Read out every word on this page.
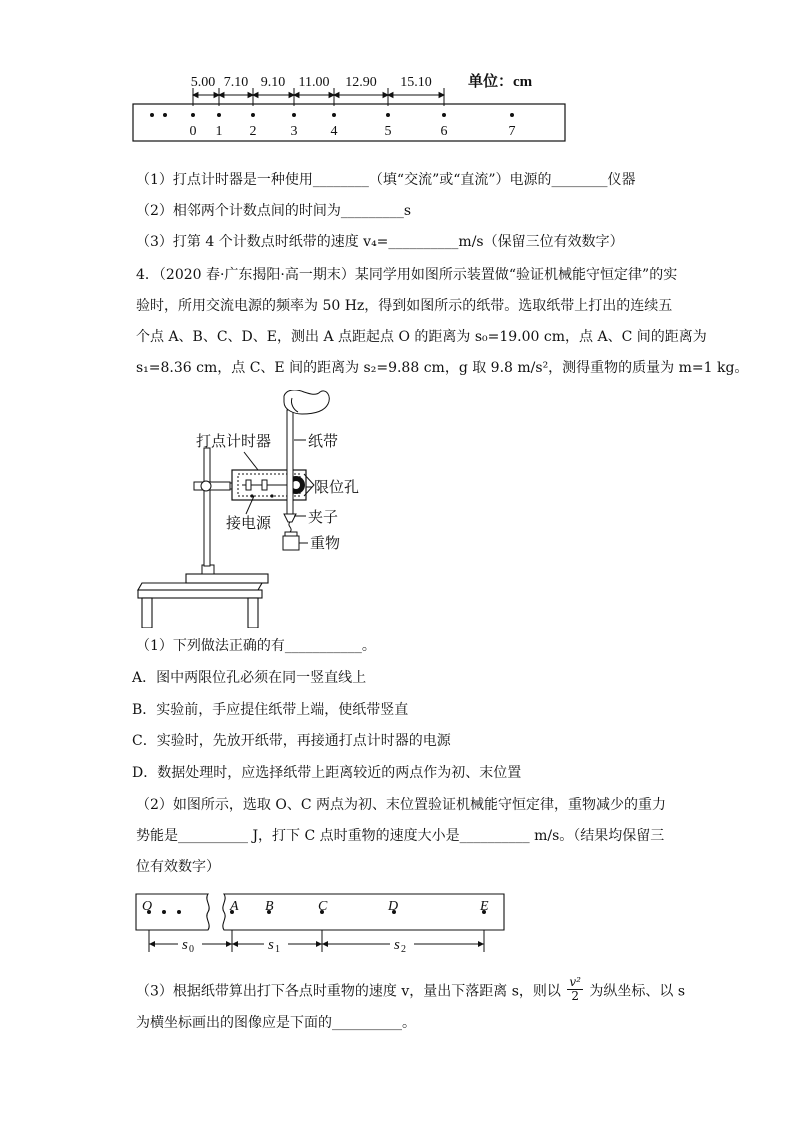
5.00 7.10 9.10 11.00 12.90 15.10 单位：cm
0 1 2 3 4	5	6	7
（1）打点计时器是一种使用________（填“交流”或“直流”）电源的________仪器
（2）相邻两个计数点间的时间为_________s
（3）打第 4 个计数点时纸带的速度 v₄=__________m/s（保留三位有效数字）
4．（2020 春·广东揭阳·高一期末）某同学用如图所示装置做“验证机械能守恒定律”的实
验时，所用交流电源的频率为 50 Hz，得到如图所示的纸带。选取纸带上打出的连续五
个点 A、B、C、D、E，测出 A 点距起点 O 的距离为 s₀=19.00 cm，点 A、C 间的距离为
s₁=8.36 cm，点 C、E 间的距离为 s₂=9.88 cm，g 取 9.8 m/s²，测得重物的质量为 m=1 kg。
打点计时器 纸带
限位孔
接电源 夹子
重物
（1）下列做法正确的有___________。
A．图中两限位孔必须在同一竖直线上
B．实验前，手应提住纸带上端，使纸带竖直
C．实验时，先放开纸带，再接通打点计时器的电源
D．数据处理时，应选择纸带上距离较近的两点作为初、末位置
（2）如图所示，选取 O、C 两点为初、末位置验证机械能守恒定律，重物减少的重力
势能是__________ J，打下 C 点时重物的速度大小是__________ m/s。（结果均保留三
位有效数字）
O	A B	C	D	E
s 0	s 1	s 2
（3）根据纸带算出打下各点时重物的速度 v，量出下落距离 s，则以 $\frac{\text{v²}}{2}$ 为纵坐标、以 s
为横坐标画出的图像应是下面的__________。
